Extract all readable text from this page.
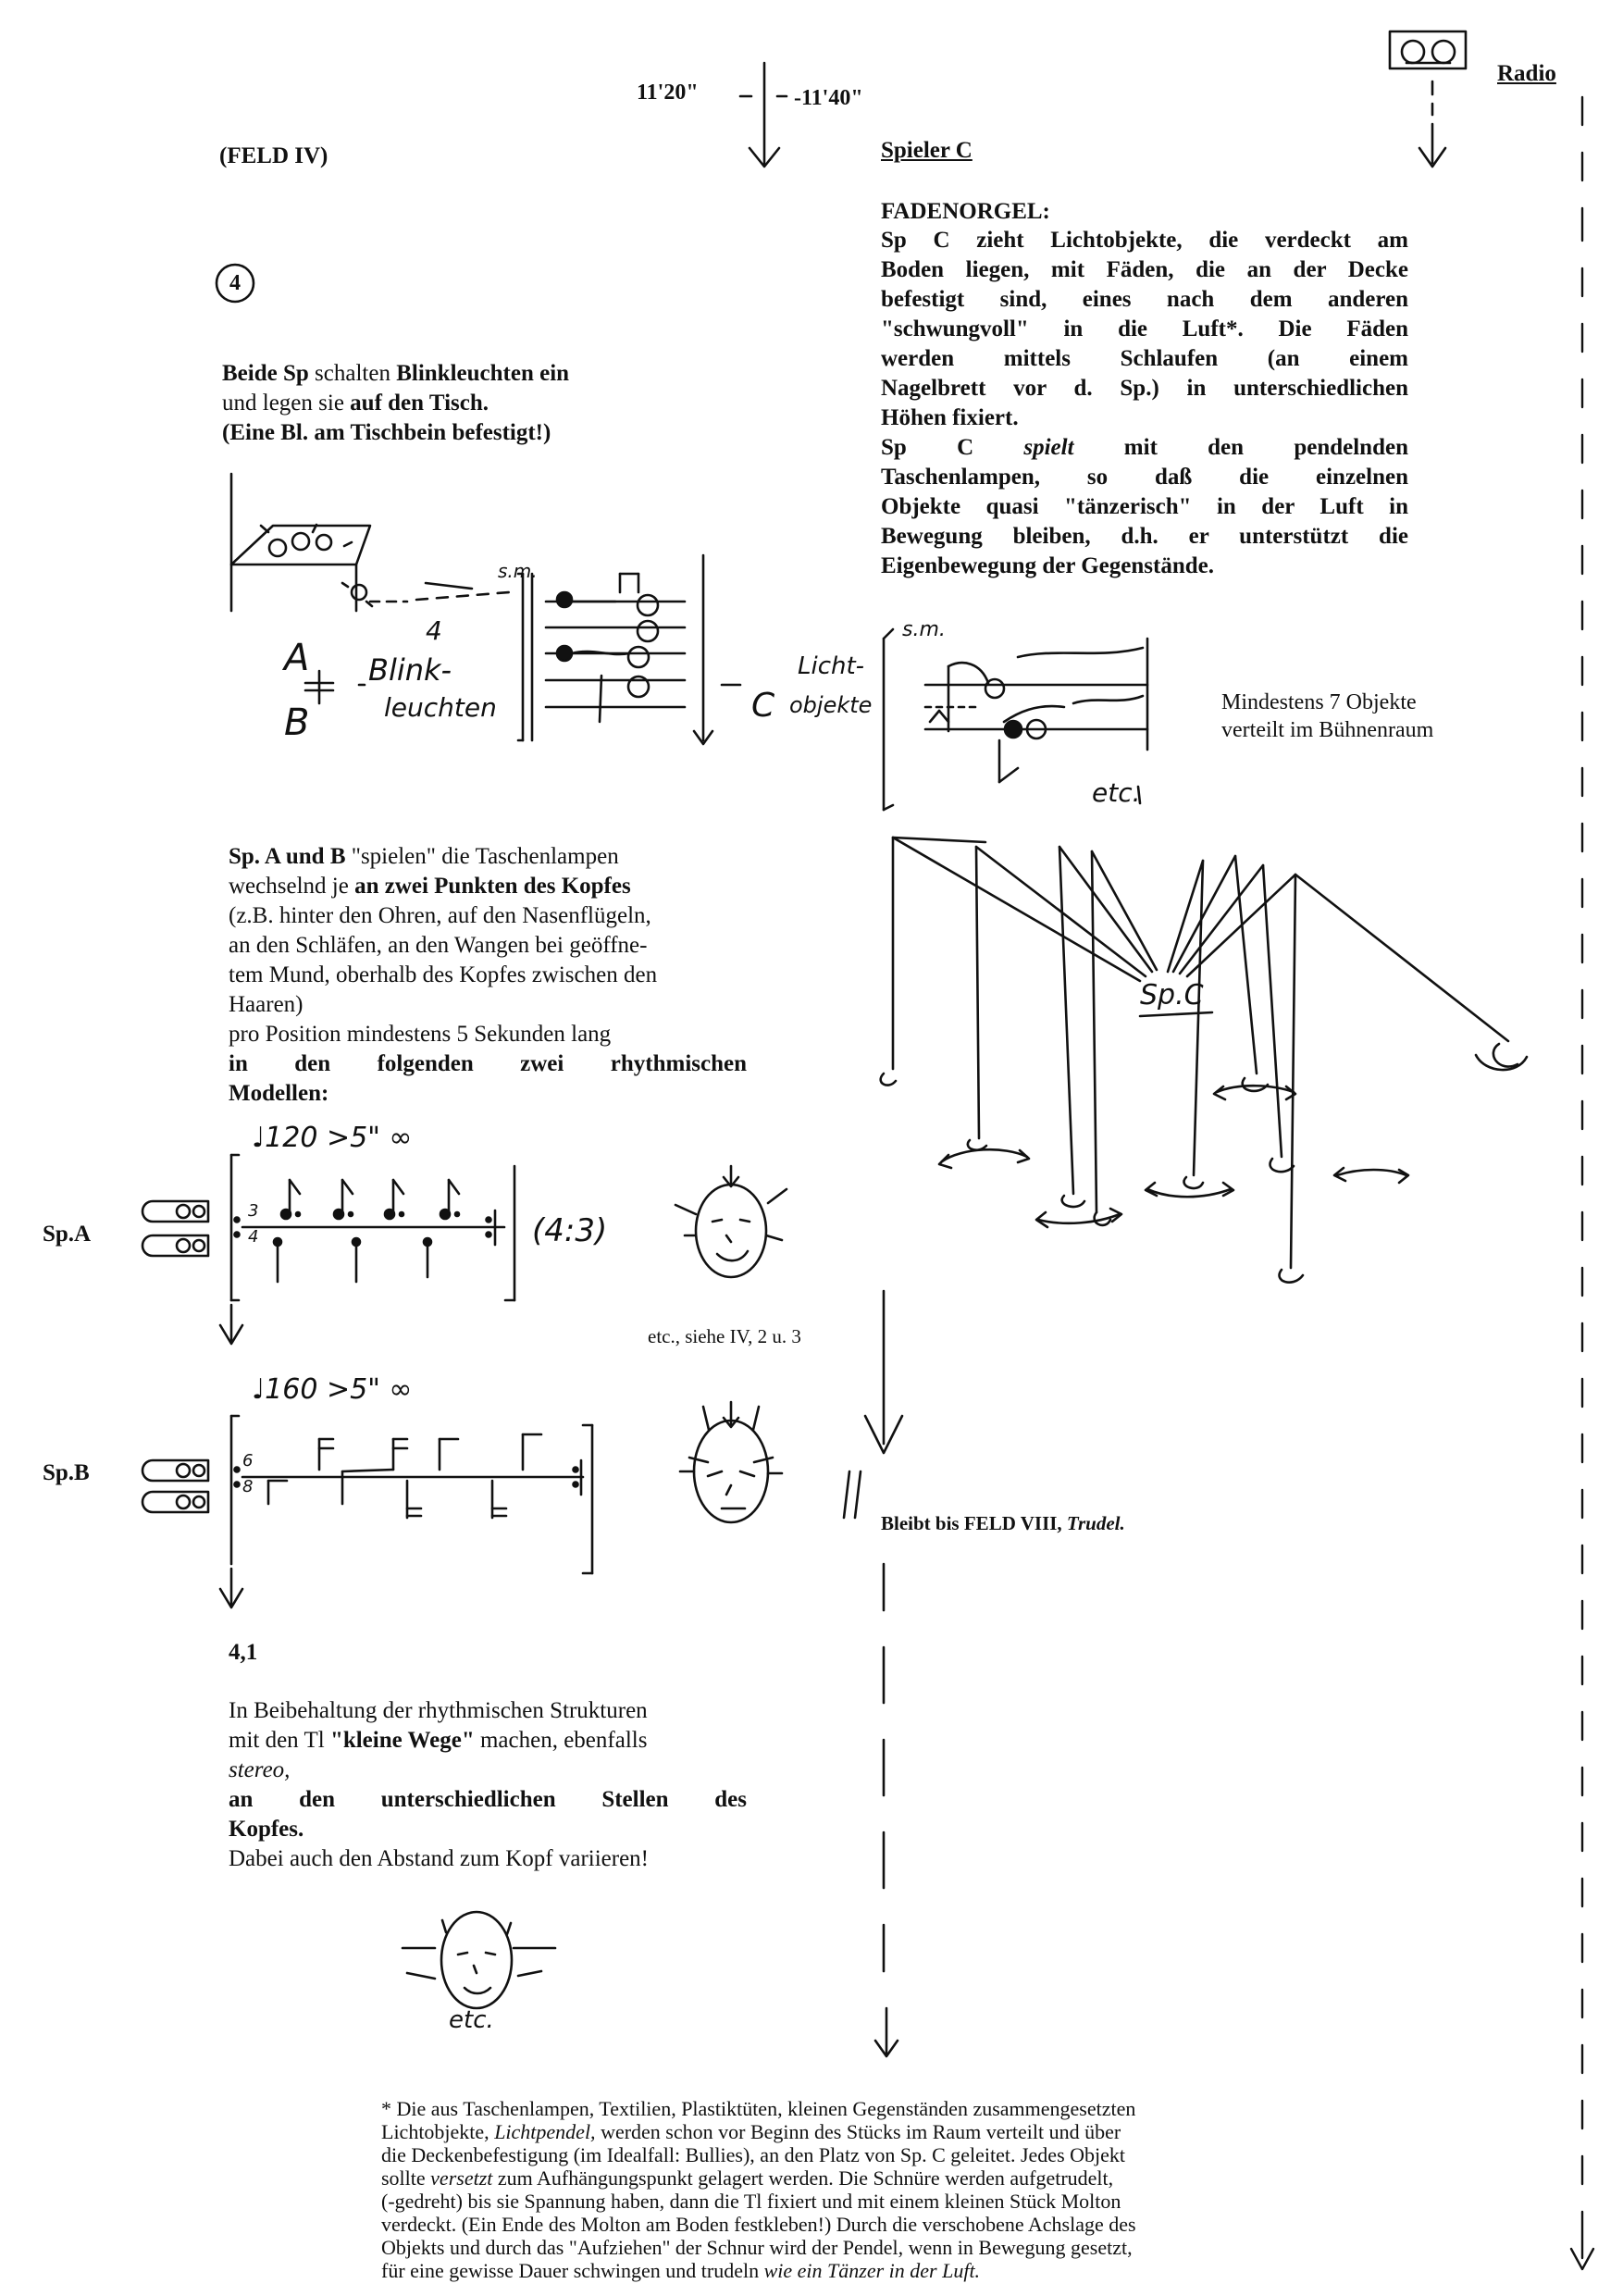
11'20"	-11'40"
(FELD IV)
Radio
4
Beide Sp schalten Blinkleuchten ein
und legen sie auf den Tisch.
(Eine Bl. am Tischbein befestigt!)
Spieler C
FADENORGEL:
Sp C zieht Lichtobjekte, die verdeckt am
Boden liegen, mit Fäden, die an der Decke
befestigt sind, eines nach dem anderen
"schwungvoll" in die Luft*. Die Fäden
werden mittels Schlaufen (an einem
Nagelbrett vor d. Sp.) in unterschiedlichen
Höhen fixiert.
Sp C spielt mit den pendelnden
Taschenlampen, so daß die einzelnen
Objekte quasi "tänzerisch" in der Luft in
Bewegung bleiben, d.h. er unterstützt die
Eigenbewegung der Gegenstände.
Mindestens 7 Objekte
verteilt im Bühnenraum
A
B
4
Blink-
leuchten
s.m.
s.m.
C
Licht-
objekte
etc.
Sp.C
Sp. A und B "spielen" die Taschenlampen
wechselnd je an zwei Punkten des Kopfes
(z.B. hinter den Ohren, auf den Nasenflügeln,
an den Schläfen, an den Wangen bei geöffne-
tem Mund, oberhalb des Kopfes zwischen den
Haaren)
pro Position mindestens 5 Sekunden lang
in den folgenden zwei rhythmischen
Modellen:
♩120 >5" ∞
(4:3)
3
4
♩160 >5" ∞
6
8
etc.
Sp.A
Sp.B
etc., siehe IV, 2 u. 3
Bleibt bis FELD VIII, Trudel.
4,1
In Beibehaltung der rhythmischen Strukturen
mit den Tl "kleine Wege" machen, ebenfalls
stereo,
an den unterschiedlichen Stellen des
Kopfes.
Dabei auch den Abstand zum Kopf variieren!
* Die aus Taschenlampen, Textilien, Plastiktüten, kleinen Gegenständen zusammengesetzten
Lichtobjekte, Lichtpendel, werden schon vor Beginn des Stücks im Raum verteilt und über
die Deckenbefestigung (im Idealfall: Bullies), an den Platz von Sp. C geleitet. Jedes Objekt
sollte versetzt zum Aufhängungspunkt gelagert werden. Die Schnüre werden aufgetrudelt,
(-gedreht) bis sie Spannung haben, dann die Tl fixiert und mit einem kleinen Stück Molton
verdeckt. (Ein Ende des Molton am Boden festkleben!) Durch die verschobene Achslage des
Objekts und durch das "Aufziehen" der Schnur wird der Pendel, wenn in Bewegung gesetzt,
für eine gewisse Dauer schwingen und trudeln wie ein Tänzer in der Luft.
